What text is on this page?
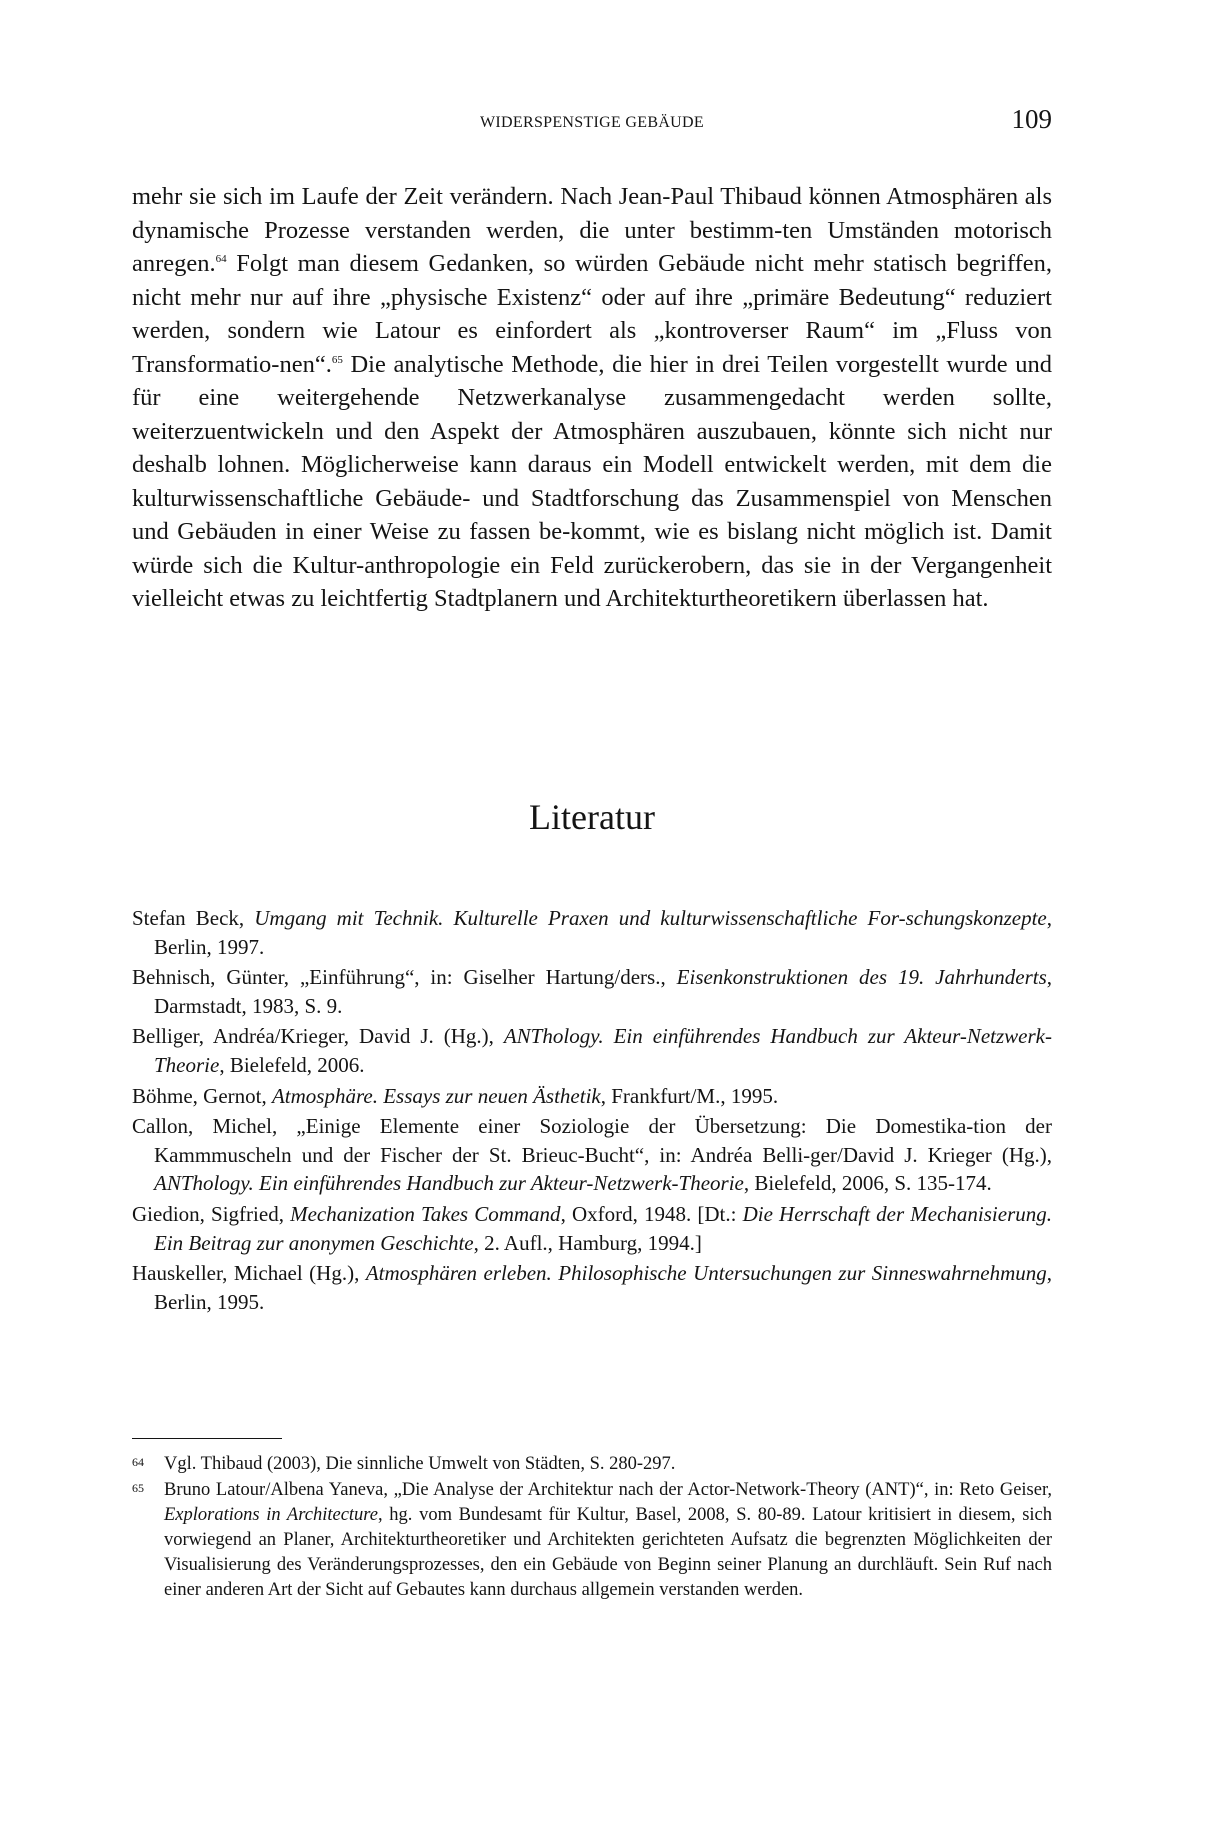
WIDERSPENSTIGE GEBÄUDE	109

mehr sie sich im Laufe der Zeit verändern. Nach Jean-Paul Thibaud können Atmosphären als dynamische Prozesse verstanden werden, die unter bestimm-ten Umständen motorisch anregen.$^{64}$ Folgt man diesem Gedanken, so würden Gebäude nicht mehr statisch begriffen, nicht mehr nur auf ihre „physische Existenz“ oder auf ihre „primäre Bedeutung“ reduziert werden, sondern wie Latour es einfordert als „kontroverser Raum“ im „Fluss von Transformatio-nen“.$^{65}$ Die analytische Methode, die hier in drei Teilen vorgestellt wurde und für eine weitergehende Netzwerkanalyse zusammengedacht werden sollte, weiterzuentwickeln und den Aspekt der Atmosphären auszubauen, könnte sich nicht nur deshalb lohnen. Möglicherweise kann daraus ein Modell entwickelt werden, mit dem die kulturwissenschaftliche Gebäude- und Stadtforschung das Zusammenspiel von Menschen und Gebäuden in einer Weise zu fassen be-kommt, wie es bislang nicht möglich ist. Damit würde sich die Kultur-anthropologie ein Feld zurückerobern, das sie in der Vergangenheit vielleicht etwas zu leichtfertig Stadtplanern und Architekturtheoretikern überlassen hat.

Literatur
Stefan Beck, Umgang mit Technik. Kulturelle Praxen und kulturwissenschaftliche For-schungskonzepte, Berlin, 1997.
Behnisch, Günter, „Einführung“, in: Giselher Hartung/ders., Eisenkonstruktionen des 19. Jahrhunderts, Darmstadt, 1983, S. 9.
Belliger, Andréa/Krieger, David J. (Hg.), ANThology. Ein einführendes Handbuch zur Akteur-Netzwerk-Theorie, Bielefeld, 2006.
Böhme, Gernot, Atmosphäre. Essays zur neuen Ästhetik, Frankfurt/M., 1995.
Callon, Michel, „Einige Elemente einer Soziologie der Übersetzung: Die Domestika-tion der Kammmuscheln und der Fischer der St. Brieuc-Bucht“, in: Andréa Belli-ger/David J. Krieger (Hg.), ANThology. Ein einführendes Handbuch zur Akteur-Netzwerk-Theorie, Bielefeld, 2006, S. 135-174.
Giedion, Sigfried, Mechanization Takes Command, Oxford, 1948. [Dt.: Die Herrschaft der Mechanisierung. Ein Beitrag zur anonymen Geschichte, 2. Aufl., Hamburg, 1994.]
Hauskeller, Michael (Hg.), Atmosphären erleben. Philosophische Untersuchungen zur Sinneswahrnehmung, Berlin, 1995.
64 Vgl. Thibaud (2003), Die sinnliche Umwelt von Städten, S. 280-297.
65 Bruno Latour/Albena Yaneva, „Die Analyse der Architektur nach der Actor-Network-Theory (ANT)“, in: Reto Geiser, Explorations in Architecture, hg. vom Bundesamt für Kultur, Basel, 2008, S. 80-89. Latour kritisiert in diesem, sich vorwiegend an Planer, Architekturtheoretiker und Architekten gerichteten Aufsatz die begrenzten Möglichkeiten der Visualisierung des Veränderungsprozesses, den ein Gebäude von Beginn seiner Planung an durchläuft. Sein Ruf nach einer anderen Art der Sicht auf Gebautes kann durchaus allgemein verstanden werden.
